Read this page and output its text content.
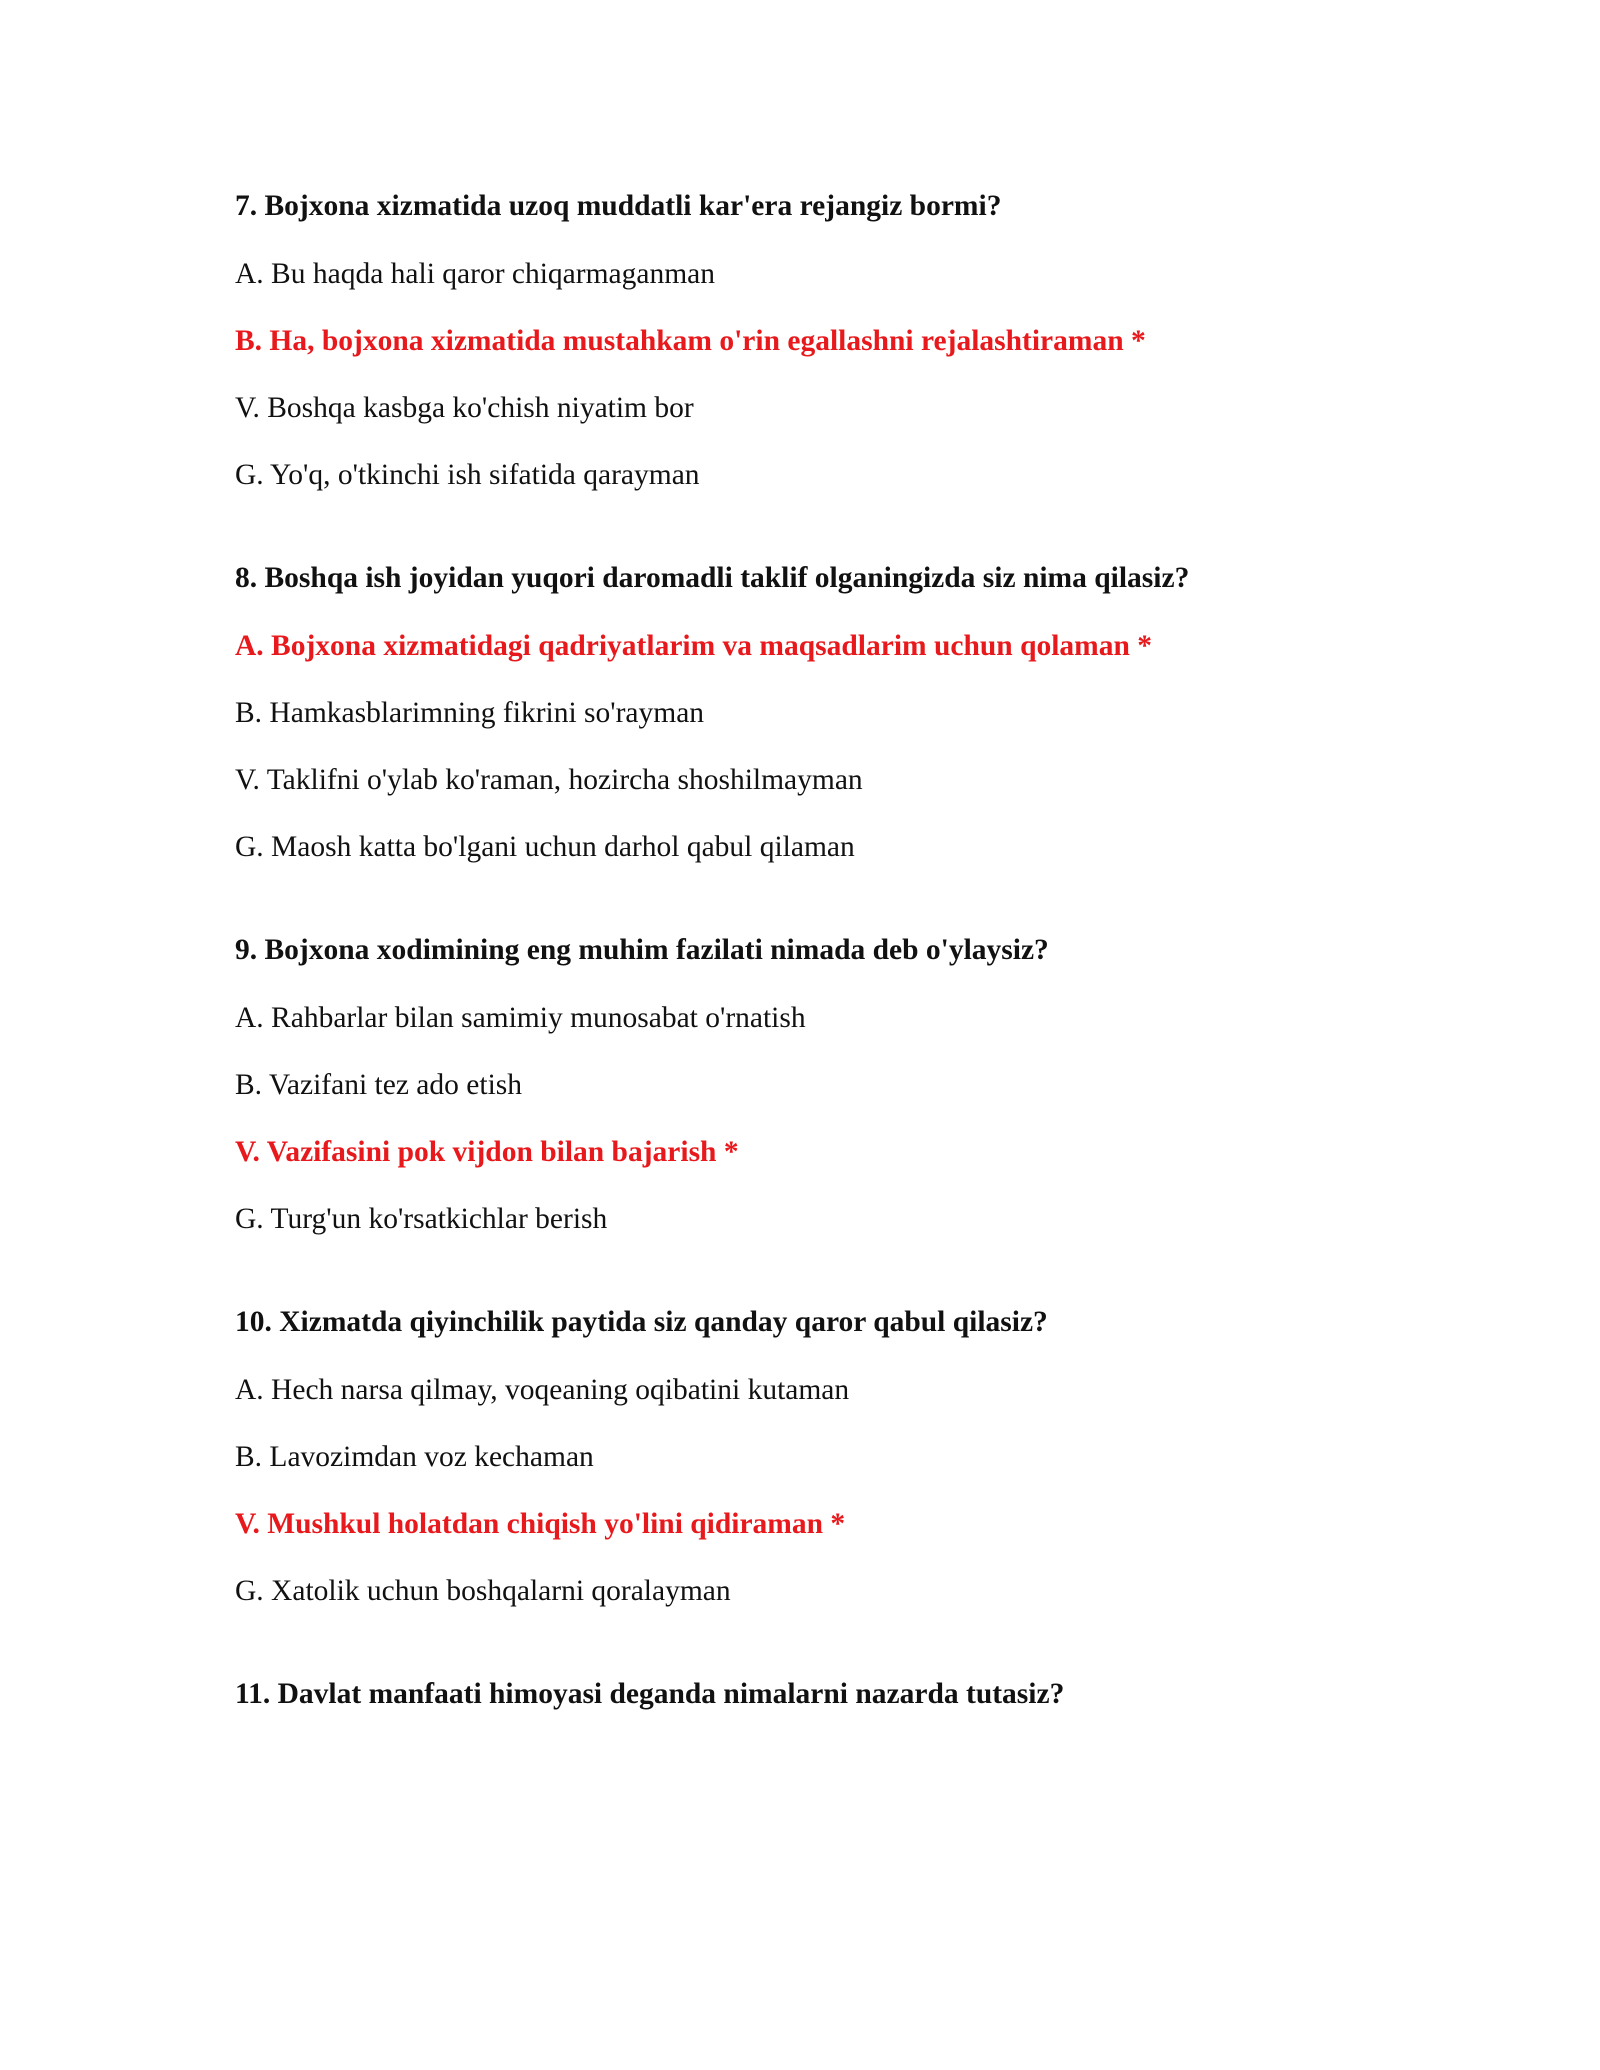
7. Bojxona xizmatida uzoq muddatli kar'era rejangiz bormi?
A. Bu haqda hali qaror chiqarmaganman
B. Ha, bojxona xizmatida mustahkam o'rin egallashni rejalashtiraman *
V. Boshqa kasbga ko'chish niyatim bor
G. Yo'q, o'tkinchi ish sifatida qarayman
8. Boshqa ish joyidan yuqori daromadli taklif olganingizda siz nima qilasiz?
A. Bojxona xizmatidagi qadriyatlarim va maqsadlarim uchun qolaman *
B. Hamkasblarimning fikrini so'rayman
V. Taklifni o'ylab ko'raman, hozircha shoshilmayman
G. Maosh katta bo'lgani uchun darhol qabul qilaman
9. Bojxona xodimining eng muhim fazilati nimada deb o'ylaysiz?
A. Rahbarlar bilan samimiy munosabat o'rnatish
B. Vazifani tez ado etish
V. Vazifasini pok vijdon bilan bajarish *
G. Turg'un ko'rsatkichlar berish
10. Xizmatda qiyinchilik paytida siz qanday qaror qabul qilasiz?
A. Hech narsa qilmay, voqeaning oqibatini kutaman
B. Lavozimdan voz kechaman
V. Mushkul holatdan chiqish yo'lini qidiraman *
G. Xatolik uchun boshqalarni qoralayman
11. Davlat manfaati himoyasi deganda nimalarni nazarda tutasiz?
